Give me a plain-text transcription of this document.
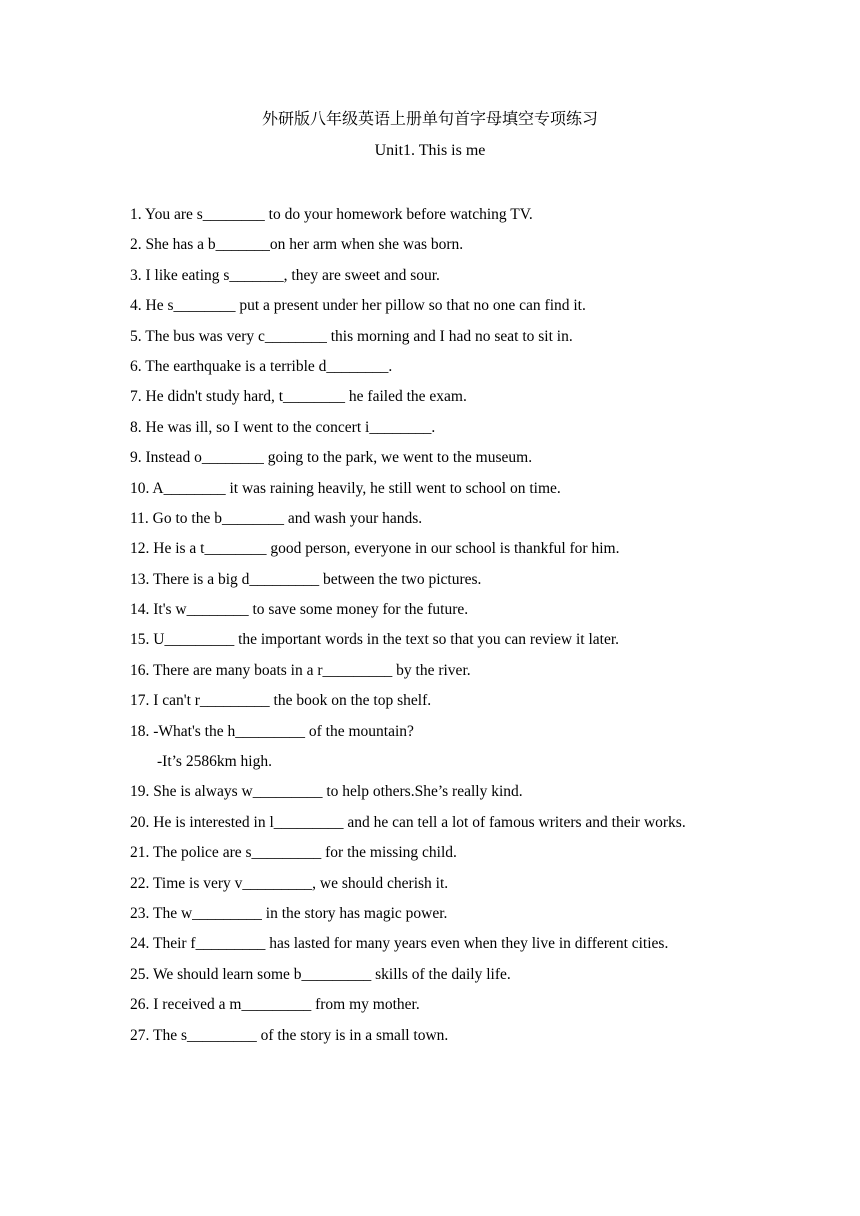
外研版八年级英语上册单句首字母填空专项练习
Unit1. This is me
1. You are s________ to do your homework before watching TV.
2. She has a b_______on her arm when she was born.
3. I like eating s_______, they are sweet and sour.
4. He s________ put a present under her pillow so that no one can find it.
5. The bus was very c________ this morning and I had no seat to sit in.
6. The earthquake is a terrible d________.
7. He didn't study hard, t________ he failed the exam.
8. He was ill, so I went to the concert i________.
9. Instead o________ going to the park, we went to the museum.
10. A________ it was raining heavily, he still went to school on time.
11. Go to the b________ and wash your hands.
12. He is a t________ good person, everyone in our school is thankful for him.
13. There is a big d_________ between the two pictures.
14. It's w________ to save some money for the future.
15. U_________ the important words in the text so that you can review it later.
16. There are many boats in a r_________ by the river.
17. I can't r_________ the book on the top shelf.
18. -What's the h_________ of the mountain?
-It’s 2586km high.
19. She is always w_________ to help others.She’s really kind.
20. He is interested in l_________ and he can tell a lot of famous writers and their works.
21. The police are s_________ for the missing child.
22. Time is very v_________, we should cherish it.
23. The w_________ in the story has magic power.
24. Their f_________ has lasted for many years even when they live in different cities.
25. We should learn some b_________ skills of the daily life.
26. I received a m_________ from my mother.
27. The s_________ of the story is in a small town.
